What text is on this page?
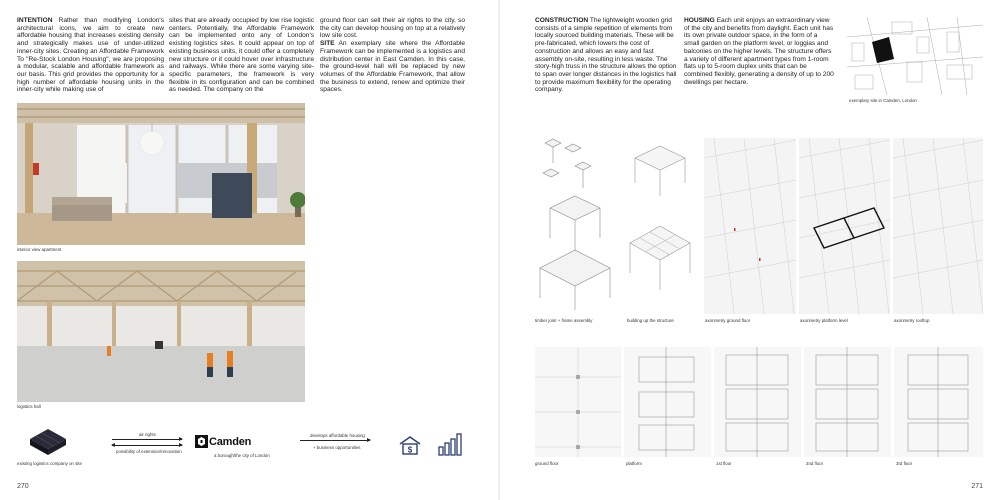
INTENTION Rather than modifying London's architectural icons, we aim to create new affordable housing that increases existing density and strategically makes use of under-utilized inner-city sites. Creating an Affordable Framework To "Re-Stock London Housing", we are proposing a modular, scalable and affordable framework as our basis. This grid provides the opportunity for a high number of affordable housing units in the inner-city while making use of
sites that are already occupied by low rise logistic centers. Potentially, the Affordable Framework can be implemented onto any of London's existing logistics sites. It could appear on top of existing business units, it could offer a completely new structure or it could hover over infrastructure and railways. While there are some varying site-specific parameters, the framework is very flexible in its configuration and can be combined as needed. The company on the
ground floor can sell their air rights to the city, so the city can develop housing on top at a relatively low site cost.
SITE An exemplary site where the Affordable Framework can be implemented is a logistics and distribution center in East Camden. In this case, the ground-level hall will be replaced by new volumes of the Affordable Framework, that allow the business to extend, renew and optimize their spaces.
interior view apartment
logistics hall
existing logistics company on site
air rights
possibility of extension/renovation
Camden
a borough/the city of London
develops affordable housing
+ business opportunities	$
270
CONSTRUCTION The lightweight wooden grid consists of a simple repetition of elements from locally sourced building materials. These will be pre-fabricated, which lowers the cost of construction and allows an easy and fast assembly on-site, resulting in less waste. The story-high truss in the structure allows the option to span over longer distances in the logistics hall to provide maximum flexibility for the operating company.
HOUSING Each unit enjoys an extraordinary view of the city and benefits from daylight. Each unit has its own private outdoor space, in the form of a small garden on the platform level, or loggias and balconies on the higher levels. The structure offers a variety of different apartment types from 1-room flats up to 5-room duplex units that can be combined flexibly, generating a density of up to 200 dwellings per hectare.
exemplary site in Camden, London
timber joint + frame assembly	building up the structure	axonmetry ground floor	axonmetry platform level	axonmetry rooftop
ground floor	platform	1st floor	2nd floor	3rd floor
271
